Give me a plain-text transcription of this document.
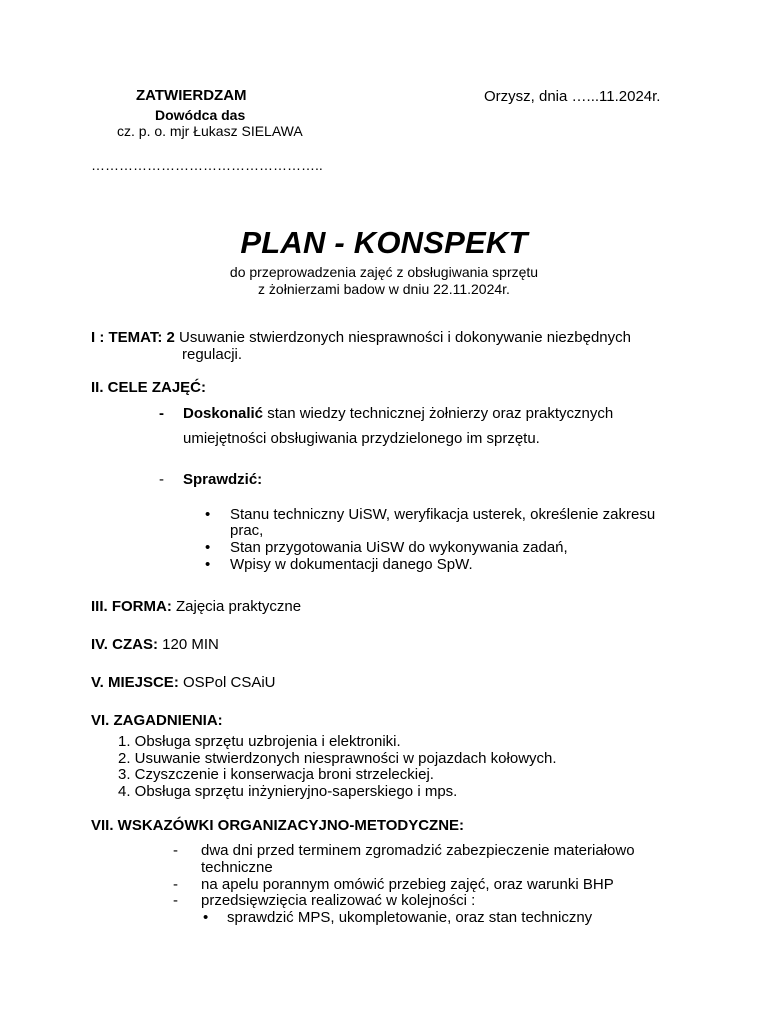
ZATWIERDZAM
Dowódca das
cz. p. o. mjr Łukasz SIELAWA
…………………………………………..
Orzysz, dnia …...11.2024r.
PLAN - KONSPEKT
do przeprowadzenia zajęć z obsługiwania sprzętu
z żołnierzami badow w dniu 22.11.2024r.
I : TEMAT: 2 Usuwanie stwierdzonych niesprawności i dokonywanie niezbędnych
regulacji.
II. CELE ZAJĘĆ:
- Doskonalić stan wiedzy technicznej żołnierzy oraz praktycznych
umiejętności obsługiwania przydzielonego im sprzętu.
- Sprawdzić:
• Stanu techniczny UiSW, weryfikacja usterek, określenie zakresu
prac,
• Stan przygotowania UiSW do wykonywania zadań,
• Wpisy w dokumentacji danego SpW.
III. FORMA: Zajęcia praktyczne
IV. CZAS: 120 MIN
V. MIEJSCE: OSPol CSAiU
VI. ZAGADNIENIA:
1. Obsługa sprzętu uzbrojenia i elektroniki.
2. Usuwanie stwierdzonych niesprawności w pojazdach kołowych.
3. Czyszczenie i konserwacja broni strzeleckiej.
4. Obsługa sprzętu inżynieryjno-saperskiego i mps.
VII. WSKAZÓWKI ORGANIZACYJNO-METODYCZNE:
- dwa dni przed terminem zgromadzić zabezpieczenie materiałowo
techniczne
- na apelu porannym omówić przebieg zajęć, oraz warunki BHP
- przedsięwzięcia realizować w kolejności :
• sprawdzić MPS, ukompletowanie, oraz stan techniczny
